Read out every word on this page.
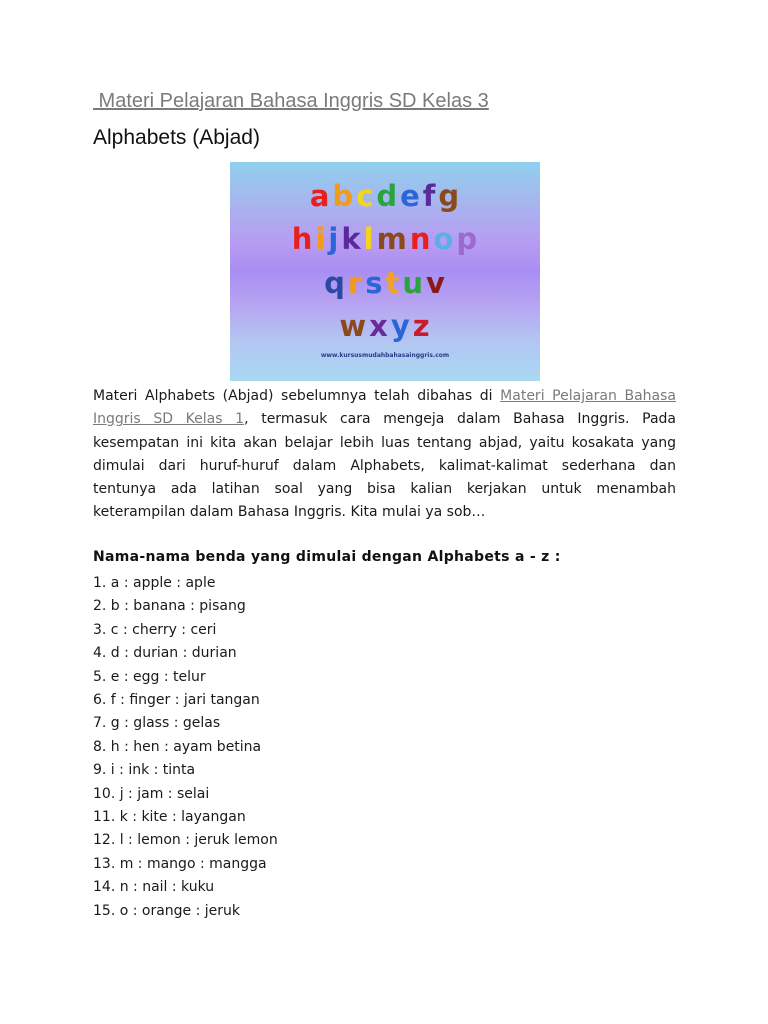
Materi Pelajaran Bahasa Inggris SD Kelas 3
Alphabets (Abjad)
wxyz
qrstuv
hijklmnop
abcdefg
www.kursusmudahbahasainggris.com

Materi Alphabets (Abjad) sebelumnya telah dibahas di Materi Pelajaran Bahasa Inggris SD Kelas 1, termasuk cara mengeja dalam Bahasa Inggris. Pada kesempatan ini kita akan belajar lebih luas tentang abjad, yaitu kosakata yang dimulai dari huruf-huruf dalam Alphabets, kalimat-kalimat sederhana dan tentunya ada latihan soal yang bisa kalian kerjakan untuk menambah keterampilan dalam Bahasa Inggris. Kita mulai ya sob…

Nama-nama benda yang dimulai dengan Alphabets a - z :

1. a : apple : aple
2. b : banana : pisang
3. c : cherry : ceri
4. d : durian : durian
5. e : egg : telur
6. f : finger : jari tangan
7. g : glass : gelas
8. h : hen : ayam betina
9. i : ink : tinta
10. j : jam : selai
11. k : kite : layangan
12. l : lemon : jeruk lemon
13. m : mango : mangga
14. n : nail : kuku
15. o : orange : jeruk
